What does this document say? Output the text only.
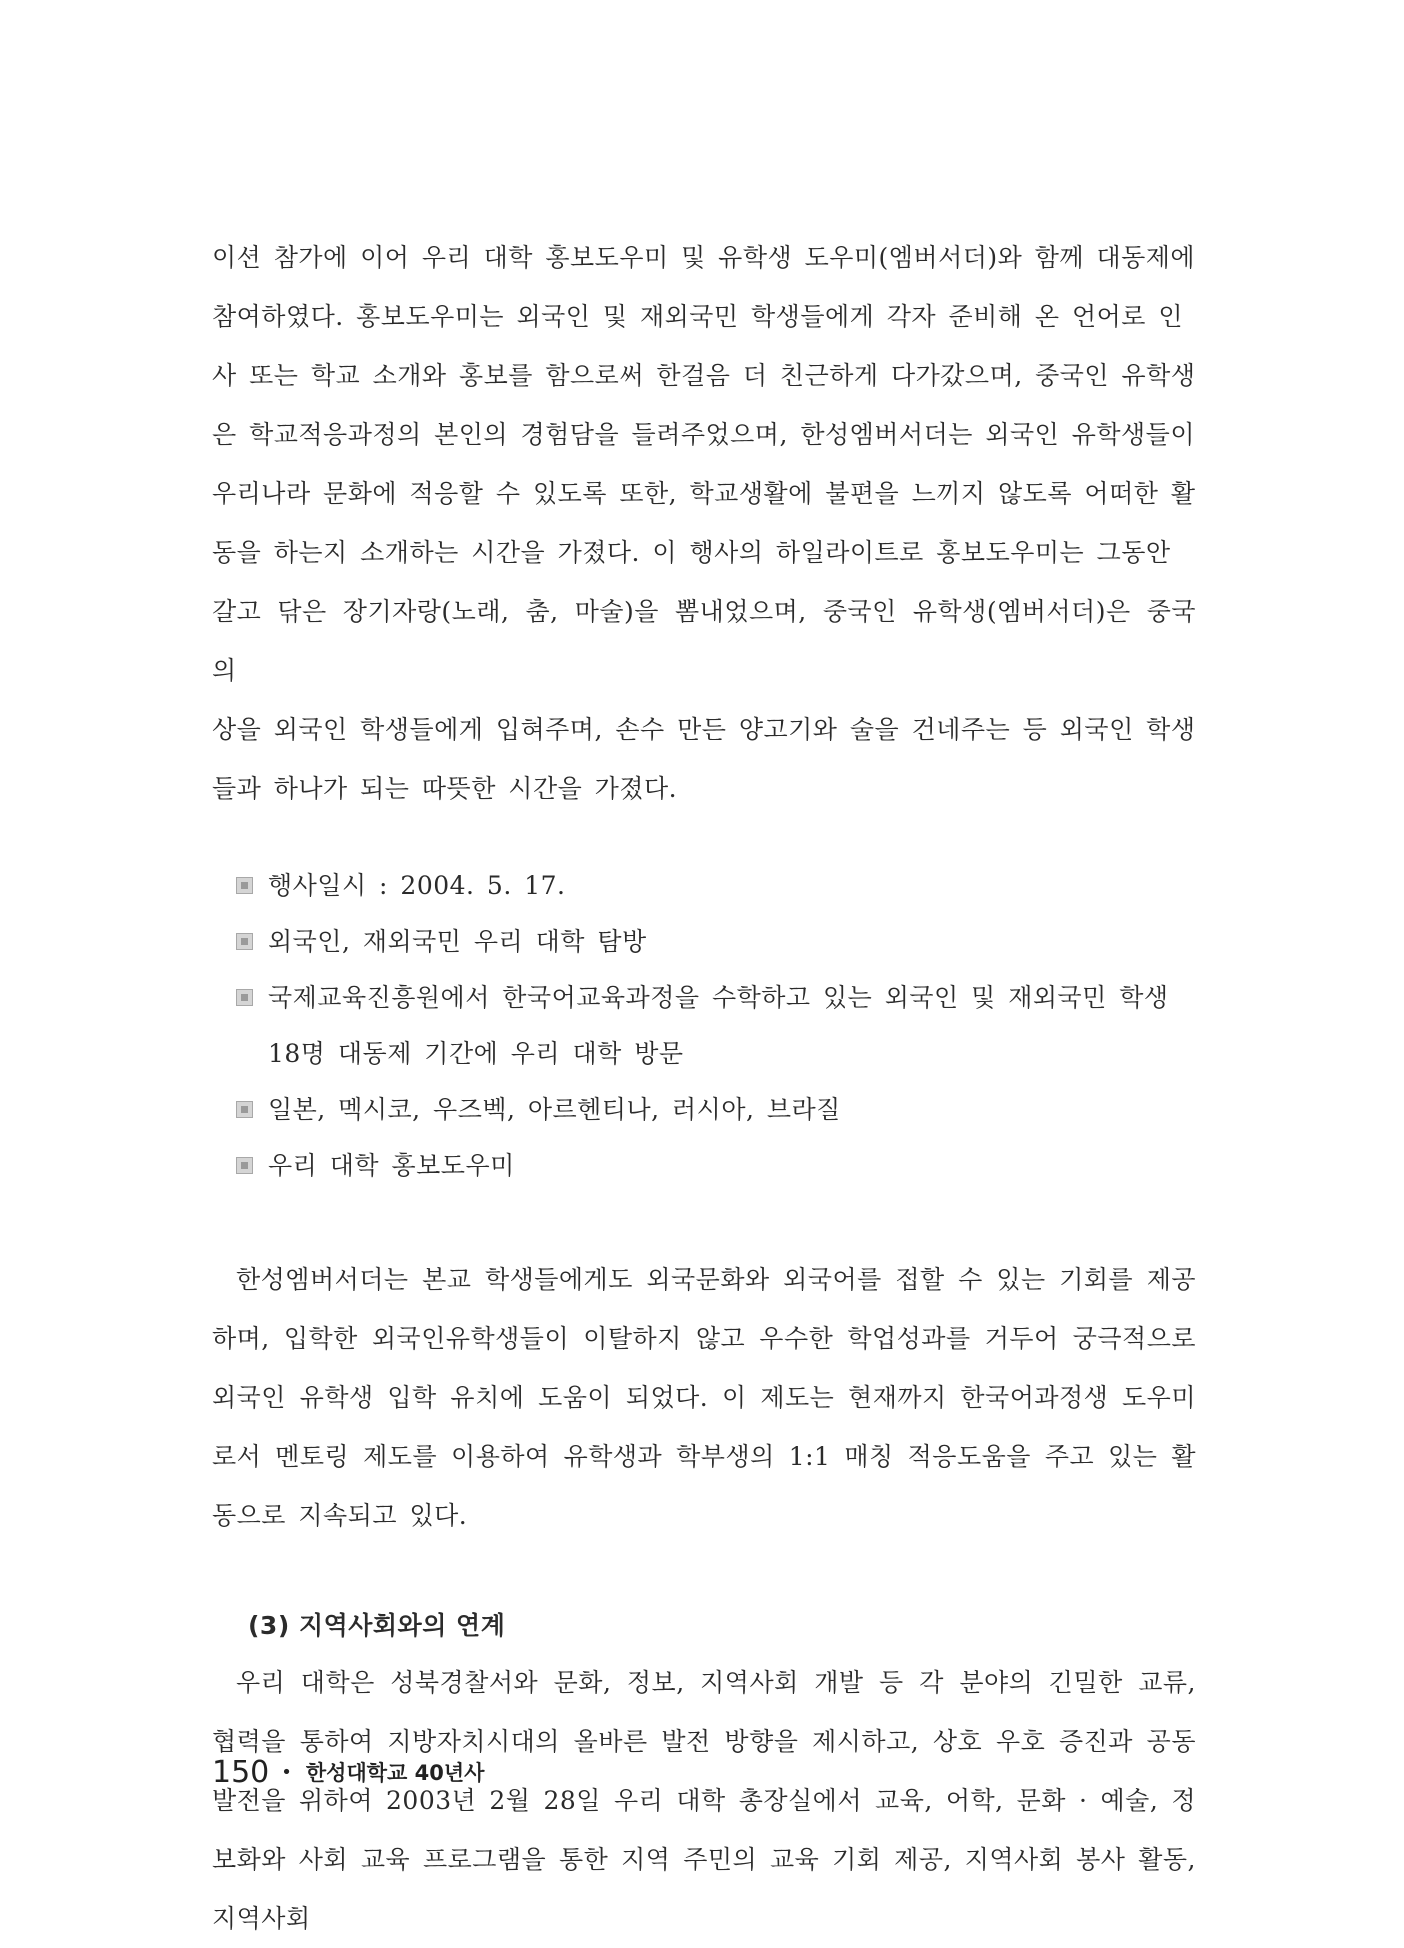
이션 참가에 이어 우리 대학 홍보도우미 및 유학생 도우미(엠버서더)와 함께 대동제에
참여하였다. 홍보도우미는 외국인 및 재외국민 학생들에게 각자 준비해 온 언어로 인
사 또는 학교 소개와 홍보를 함으로써 한걸음 더 친근하게 다가갔으며, 중국인 유학생
은 학교적응과정의 본인의 경험담을 들려주었으며, 한성엠버서더는 외국인 유학생들이
우리나라 문화에 적응할 수 있도록 또한, 학교생활에 불편을 느끼지 않도록 어떠한 활
동을 하는지 소개하는 시간을 가졌다. 이 행사의 하일라이트로 홍보도우미는 그동안
갈고 닦은 장기자랑(노래, 춤, 마술)을 뽐내었으며, 중국인 유학생(엠버서더)은 중국 의
상을 외국인 학생들에게 입혀주며, 손수 만든 양고기와 술을 건네주는 등 외국인 학생
들과 하나가 되는 따뜻한 시간을 가졌다.

행사일시 : 2004. 5. 17.
외국인, 재외국민 우리 대학 탐방
국제교육진흥원에서 한국어교육과정을 수학하고 있는 외국인 및 재외국민 학생 18명 대동제 기간에 우리 대학 방문
일본, 멕시코, 우즈벡, 아르헨티나, 러시아, 브라질
우리 대학 홍보도우미

한성엠버서더는 본교 학생들에게도 외국문화와 외국어를 접할 수 있는 기회를 제공하며, 입학한 외국인유학생들이 이탈하지 않고 우수한 학업성과를 거두어 궁극적으로 외국인 유학생 입학 유치에 도움이 되었다. 이 제도는 현재까지 한국어과정생 도우미로서 멘토링 제도를 이용하여 유학생과 학부생의 1:1 매칭 적응도움을 주고 있는 활동으로 지속되고 있다.

(3) 지역사회와의 연계

우리 대학은 성북경찰서와 문화, 정보, 지역사회 개발 등 각 분야의 긴밀한 교류, 협력을 통하여 지방자치시대의 올바른 발전 방향을 제시하고, 상호 우호 증진과 공동 발전을 위하여 2003년 2월 28일 우리 대학 총장실에서 교육, 어학, 문화 · 예술, 정보화와 사회 교육 프로그램을 통한 지역 주민의 교육 기회 제공, 지역사회 봉사 활동, 지역사회

150 • 한성대학교 40년사
